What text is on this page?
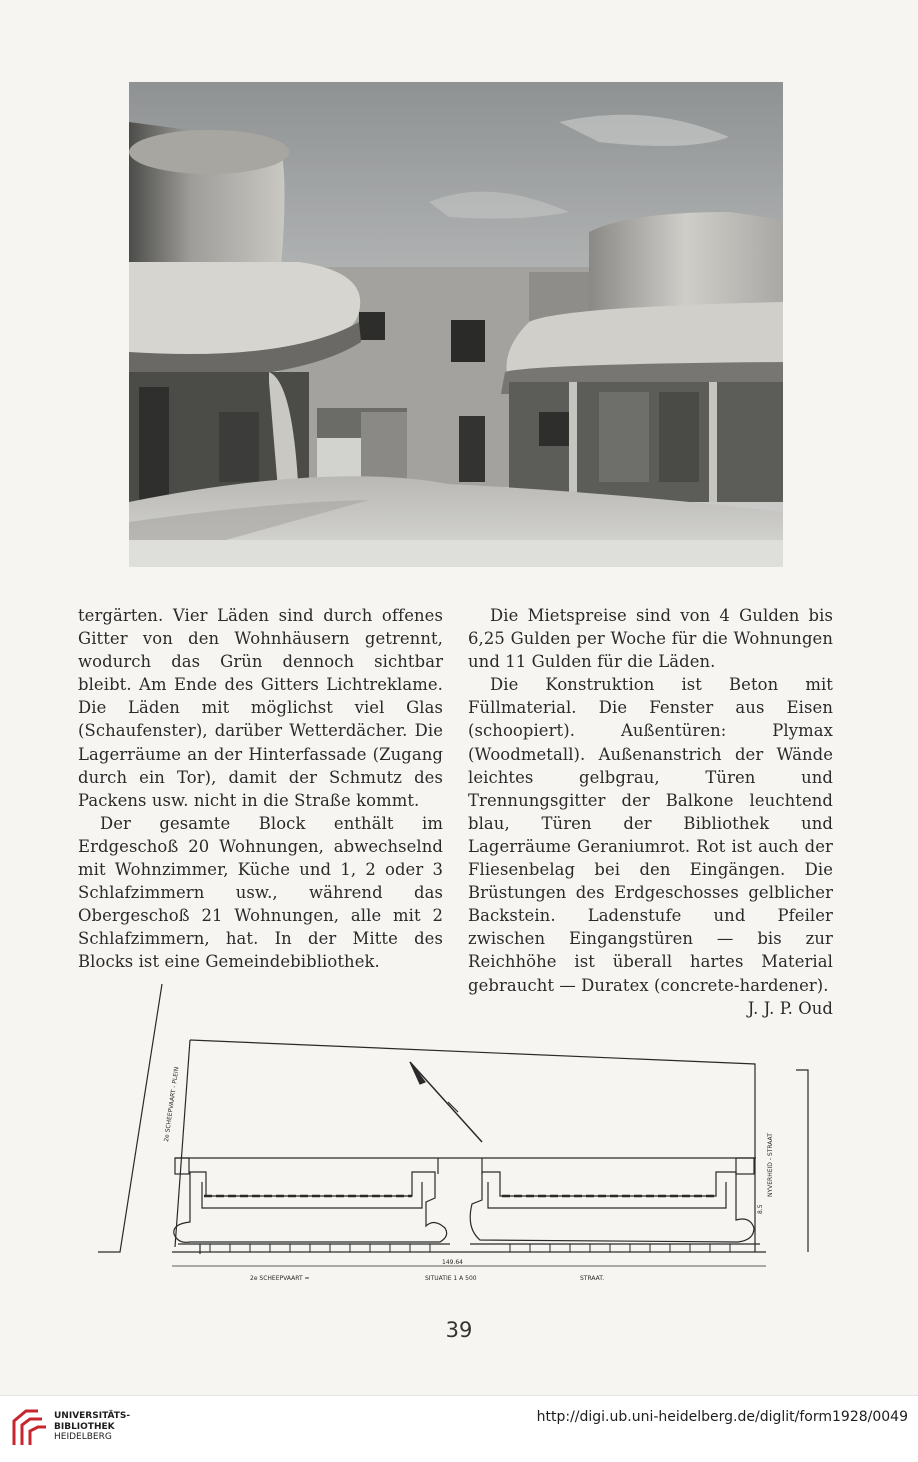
tergärten. Vier Läden sind durch offenes Gitter von den Wohnhäusern getrennt, wodurch das Grün dennoch sichtbar bleibt. Am Ende des Gitters Lichtreklame. Die Läden mit möglichst viel Glas (Schaufenster), darüber Wetterdächer. Die Lagerräume an der Hinterfassade (Zugang durch ein Tor), damit der Schmutz des Packens usw. nicht in die Straße kommt.

Der gesamte Block enthält im Erdgeschoß 20 Wohnungen, abwechselnd mit Wohnzimmer, Küche und 1, 2 oder 3 Schlafzimmern usw., während das Obergeschoß 21 Wohnungen, alle mit 2 Schlafzimmern, hat. In der Mitte des Blocks ist eine Gemeindebibliothek.

Die Mietspreise sind von 4 Gulden bis 6,25 Gulden per Woche für die Wohnungen und 11 Gulden für die Läden.

Die Konstruktion ist Beton mit Füllmaterial. Die Fenster aus Eisen (schoopiert). Außentüren: Plymax (Woodmetall). Außenanstrich der Wände leichtes gelbgrau, Türen und Trennungsgitter der Balkone leuchtend blau, Türen der Bibliothek und Lagerräume Geraniumrot. Rot ist auch der Fliesenbelag bei den Eingängen. Die Brüstungen des Erdgeschosses gelblicher Backstein. Ladenstufe und Pfeiler zwischen Eingangstüren — bis zur Reichhöhe ist überall hartes Material gebraucht — Duratex (concrete-hardener).
J. J. P. Oud

2e SCHEEPVAART - PLEIN
NYVERHEID - STRAAT
149.64
8.5
2e SCHEEPVAART =	SITUATIE 1 A 500	STRAAT.
39
UNIVERSITÄTS-
BIBLIOTHEK
HEIDELBERG
http://digi.ub.uni-heidelberg.de/diglit/form1928/0049
